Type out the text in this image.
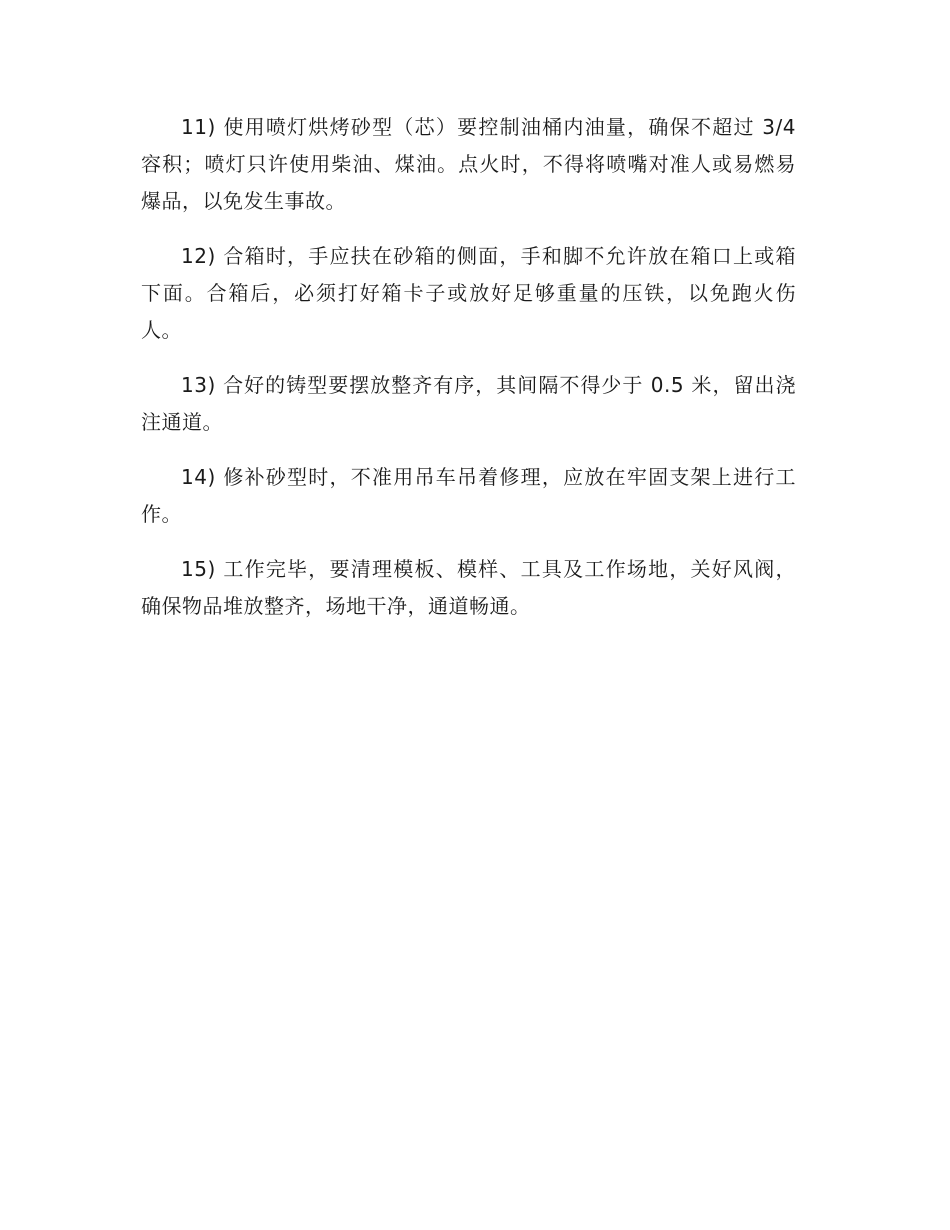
11) 使用喷灯烘烤砂型（芯）要控制油桶内油量，确保不超过 3/4 容积；喷灯只许使用柴油、煤油。点火时，不得将喷嘴对准人或易燃易爆品，以免发生事故。

12) 合箱时，手应扶在砂箱的侧面，手和脚不允许放在箱口上或箱下面。合箱后，必须打好箱卡子或放好足够重量的压铁，以免跑火伤人。

13) 合好的铸型要摆放整齐有序，其间隔不得少于 0.5 米，留出浇注通道。

14) 修补砂型时，不准用吊车吊着修理，应放在牢固支架上进行工作。

15) 工作完毕，要清理模板、模样、工具及工作场地，关好风阀，确保物品堆放整齐，场地干净，通道畅通。
